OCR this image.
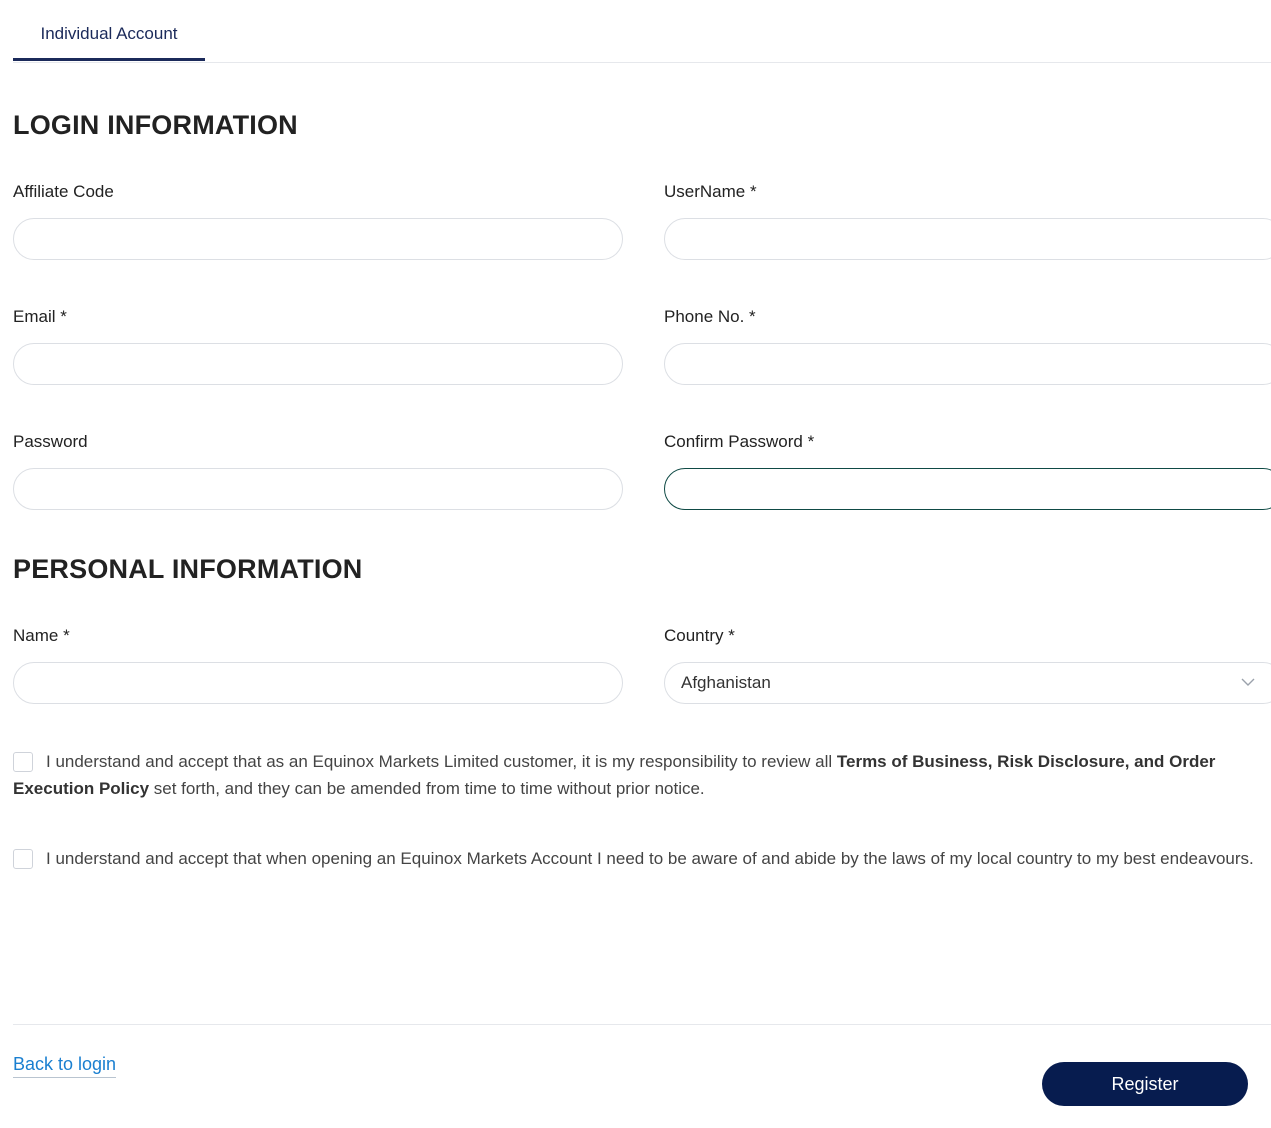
Individual Account
LOGIN INFORMATION
Affiliate Code	UserName *
Email *	Phone No. *
Password	Confirm Password *
PERSONAL INFORMATION
Name *	Country *
Afghanistan

I understand and accept that as an Equinox Markets Limited customer, it is my responsibility to review all Terms of Business, Risk Disclosure, and Order Execution Policy set forth, and they can be amended from time to time without prior notice.

I understand and accept that when opening an Equinox Markets Account I need to be aware of and abide by the laws of my local country to my best endeavours.

Back to login
Register
